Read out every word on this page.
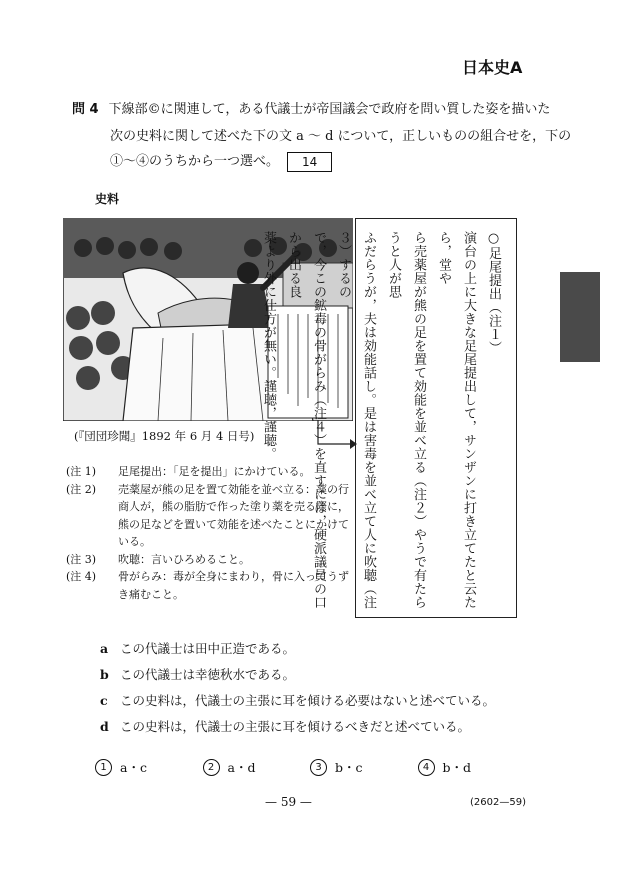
日本史A
問 4 下線部©に関連して，ある代議士が帝国議会で政府を問い質した姿を描いた
次の史料に関して述べた下の文 a ～ d について，正しいものの組合せを，下の
①～④のうちから一つ選べ。 14
史料
(『団団珍聞』1892 年 6 月 4 日号)
(注 1)	足尾提出：「足を提出」にかけている。
(注 2)	売薬屋が熊の足を置て効能を並べ立る：薬の行商人が，熊の脂肪で作った塗り薬を売る際に，熊の足などを置いて効能を述べたことにかけている。
(注 3)	吹聴：言いひろめること。
(注 4)	骨がらみ：毒が全身にまわり，骨に入ってうずき痛むこと。

○足尾提出（注１）

演台の上に大きな足尾提出して，サンザンに打き立てたと云たら，堂や

ら売薬屋が熊の足を置て効能を並べ立る（注２）やうで有たらうと人が思

ふだらうが，夫は効能話し。是は害毒を並べ立て人に吹聴（注３）するの

で，今この鉱毒の骨がらみ（注４）を直すには，硬派議員の口から出る良

薬より外に仕方が無い。謹聴，謹聴。

a この代議士は田中正造である。
b この代議士は幸徳秋水である。
c この史料は，代議士の主張に耳を傾ける必要はないと述べている。
d この史料は，代議士の主張に耳を傾けるべきだと述べている。
1	a・c	2	a・d	3	b・c	4	b・d
— 59 —	(2602—59)
